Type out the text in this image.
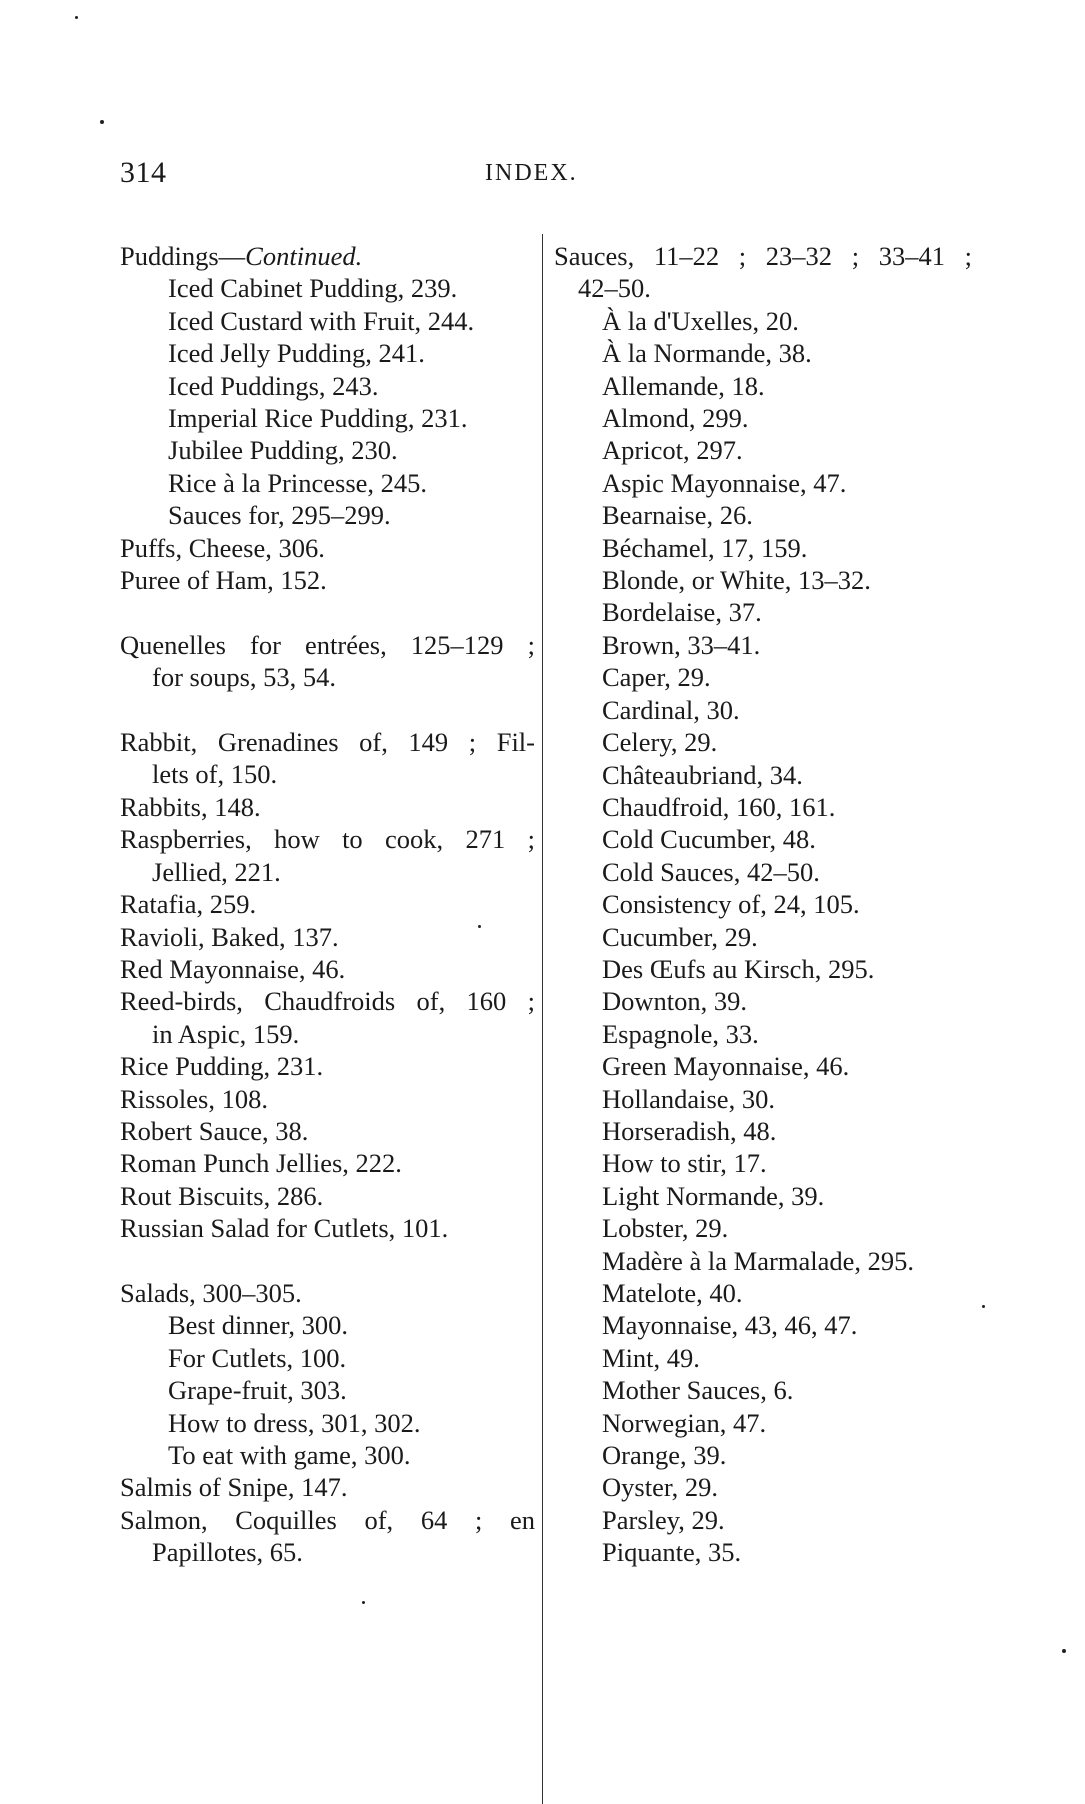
314	INDEX.
Puddings—Continued.
Iced Cabinet Pudding, 239.
Iced Custard with Fruit, 244.
Iced Jelly Pudding, 241.
Iced Puddings, 243.
Imperial Rice Pudding, 231.
Jubilee Pudding, 230.
Rice à la Princesse, 245.
Sauces for, 295–299.
Puffs, Cheese, 306.
Puree of Ham, 152.
Quenelles for entrées, 125–129 ;
for soups, 53, 54.
Rabbit, Grenadines of, 149 ; Fil-
lets of, 150.
Rabbits, 148.
Raspberries, how to cook, 271 ;
Jellied, 221.
Ratafia, 259.
Ravioli, Baked, 137.
Red Mayonnaise, 46.
Reed-birds, Chaudfroids of, 160 ;
in Aspic, 159.
Rice Pudding, 231.
Rissoles, 108.
Robert Sauce, 38.
Roman Punch Jellies, 222.
Rout Biscuits, 286.
Russian Salad for Cutlets, 101.
Salads, 300–305.
Best dinner, 300.
For Cutlets, 100.
Grape-fruit, 303.
How to dress, 301, 302.
To eat with game, 300.
Salmis of Snipe, 147.
Salmon, Coquilles of, 64 ; en
Papillotes, 65.
Sauces, 11–22 ; 23–32 ; 33–41 ;
42–50.
À la d'Uxelles, 20.
À la Normande, 38.
Allemande, 18.
Almond, 299.
Apricot, 297.
Aspic Mayonnaise, 47.
Bearnaise, 26.
Béchamel, 17, 159.
Blonde, or White, 13–32.
Bordelaise, 37.
Brown, 33–41.
Caper, 29.
Cardinal, 30.
Celery, 29.
Châteaubriand, 34.
Chaudfroid, 160, 161.
Cold Cucumber, 48.
Cold Sauces, 42–50.
Consistency of, 24, 105.
Cucumber, 29.
Des Œufs au Kirsch, 295.
Downton, 39.
Espagnole, 33.
Green Mayonnaise, 46.
Hollandaise, 30.
Horseradish, 48.
How to stir, 17.
Light Normande, 39.
Lobster, 29.
Madère à la Marmalade, 295.
Matelote, 40.
Mayonnaise, 43, 46, 47.
Mint, 49.
Mother Sauces, 6.
Norwegian, 47.
Orange, 39.
Oyster, 29.
Parsley, 29.
Piquante, 35.
